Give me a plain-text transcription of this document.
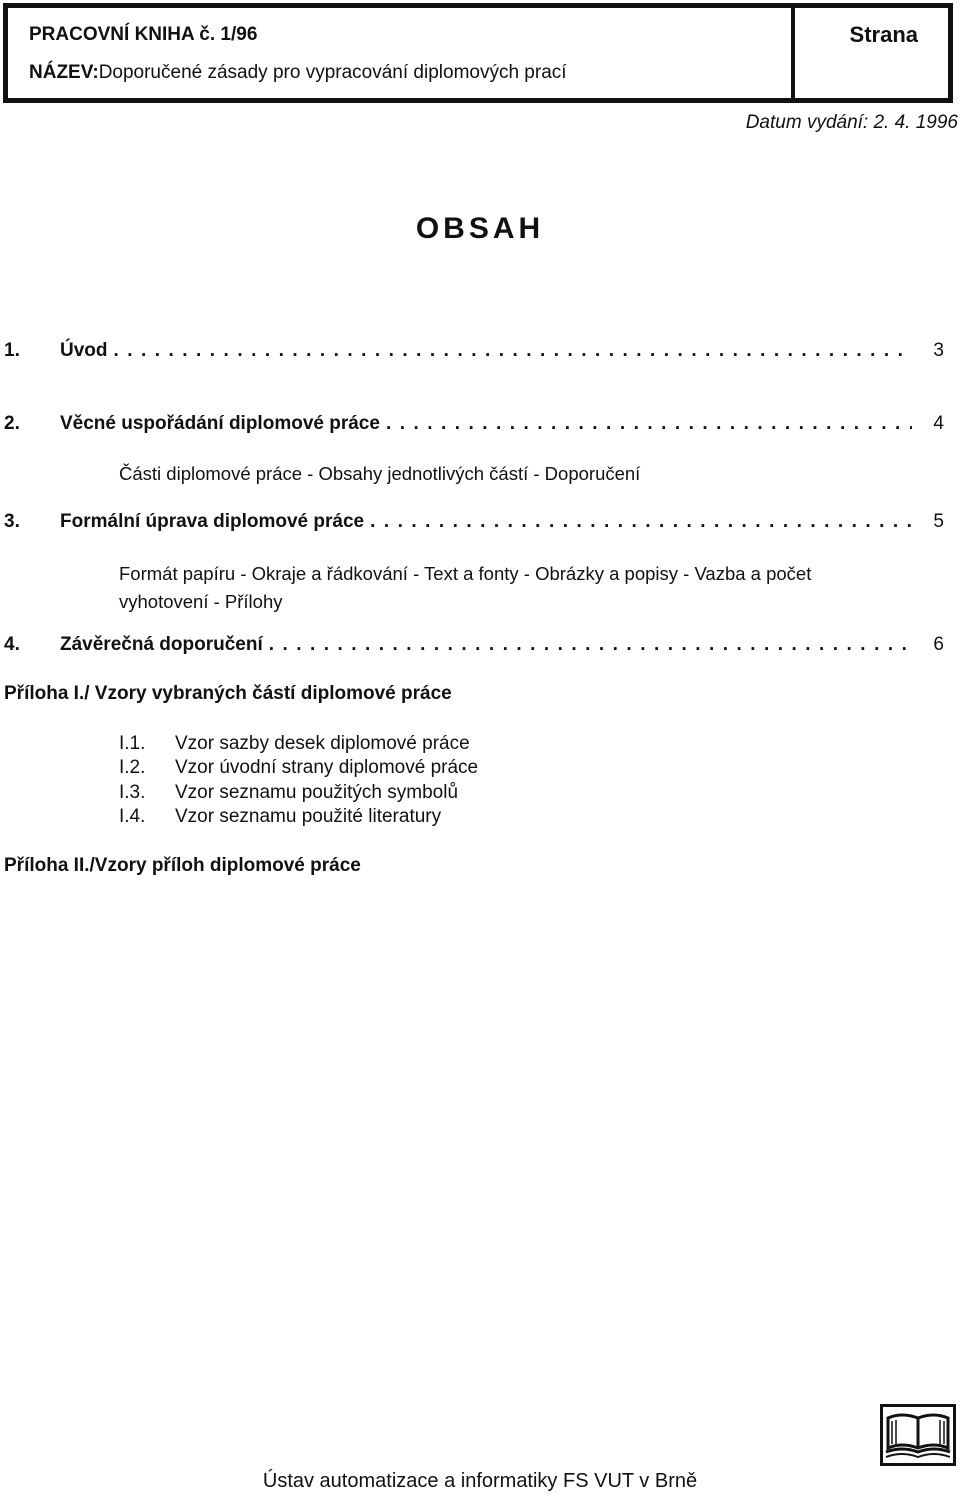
PRACOVNÍ KNIHA č. 1/96
NÁZEV:Doporučené zásady pro vypracování diplomových prací
Strana
Datum vydání: 2. 4. 1996
OBSAH
1.	Úvod . . .	3
2.	Věcné uspořádání diplomové práce . . .	4
Části diplomové práce - Obsahy jednotlivých částí - Doporučení
3.	Formální úprava diplomové práce . . .	5
Formát papíru - Okraje a řádkování - Text a fonty - Obrázky a popisy - Vazba a počet vyhotovení - Přílohy
4.	Závěrečná doporučení . . .	6
Příloha I./ Vzory vybraných částí diplomové práce
I.1.	Vzor sazby desek diplomové práce
I.2.	Vzor úvodní strany diplomové práce
I.3.	Vzor seznamu použitých symbolů
I.4.	Vzor seznamu použité literatury
Příloha II./Vzory příloh diplomové práce
Ústav automatizace a informatiky FS VUT v Brně
